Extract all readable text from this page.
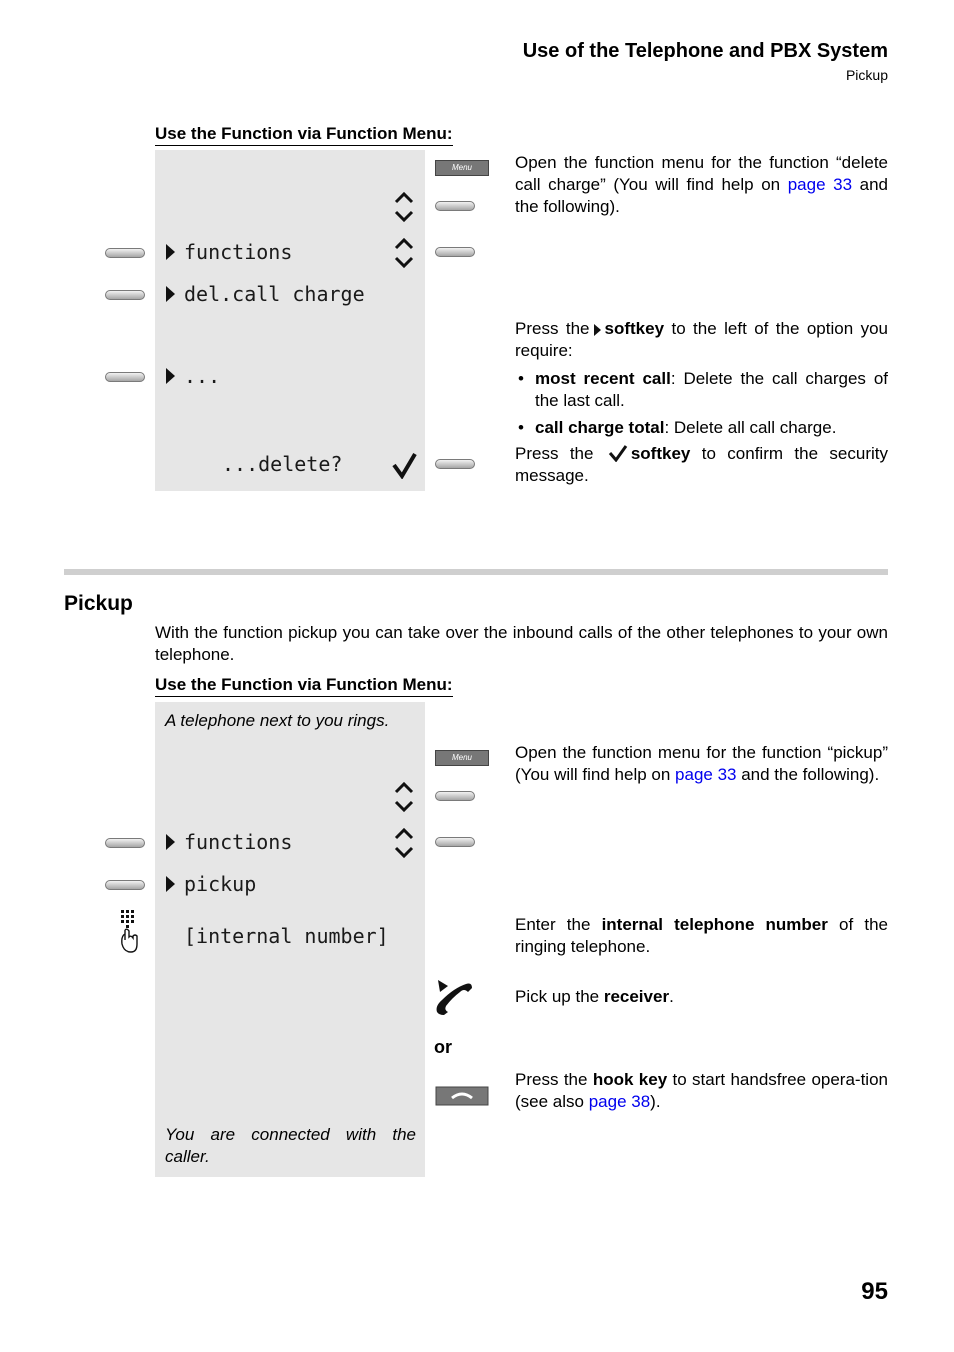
Use of the Telephone and PBX System
Pickup
Use the Function via Function Menu:
Menu
functions
del.call charge
...
...delete?
Open the function menu for the function “delete call charge” (You will find help on page 33 and the following).
Press the softkey to the left of the option you require:
• most recent call: Delete the call charges of the last call.
• call charge total: Delete all call charge.
Press the softkey to confirm the security message.
Pickup
With the function pickup you can take over the inbound calls of the other telephones to your own telephone.
Use the Function via Function Menu:
A telephone next to you rings.
Menu
functions
pickup
[internal number]
or
You are connected with the caller.
Open the function menu for the function “pickup” (You will find help on page 33 and the following).
Enter the internal telephone number of the ringing telephone.
Pick up the receiver.
Press the hook key to start handsfree opera-tion (see also page 38).
95
